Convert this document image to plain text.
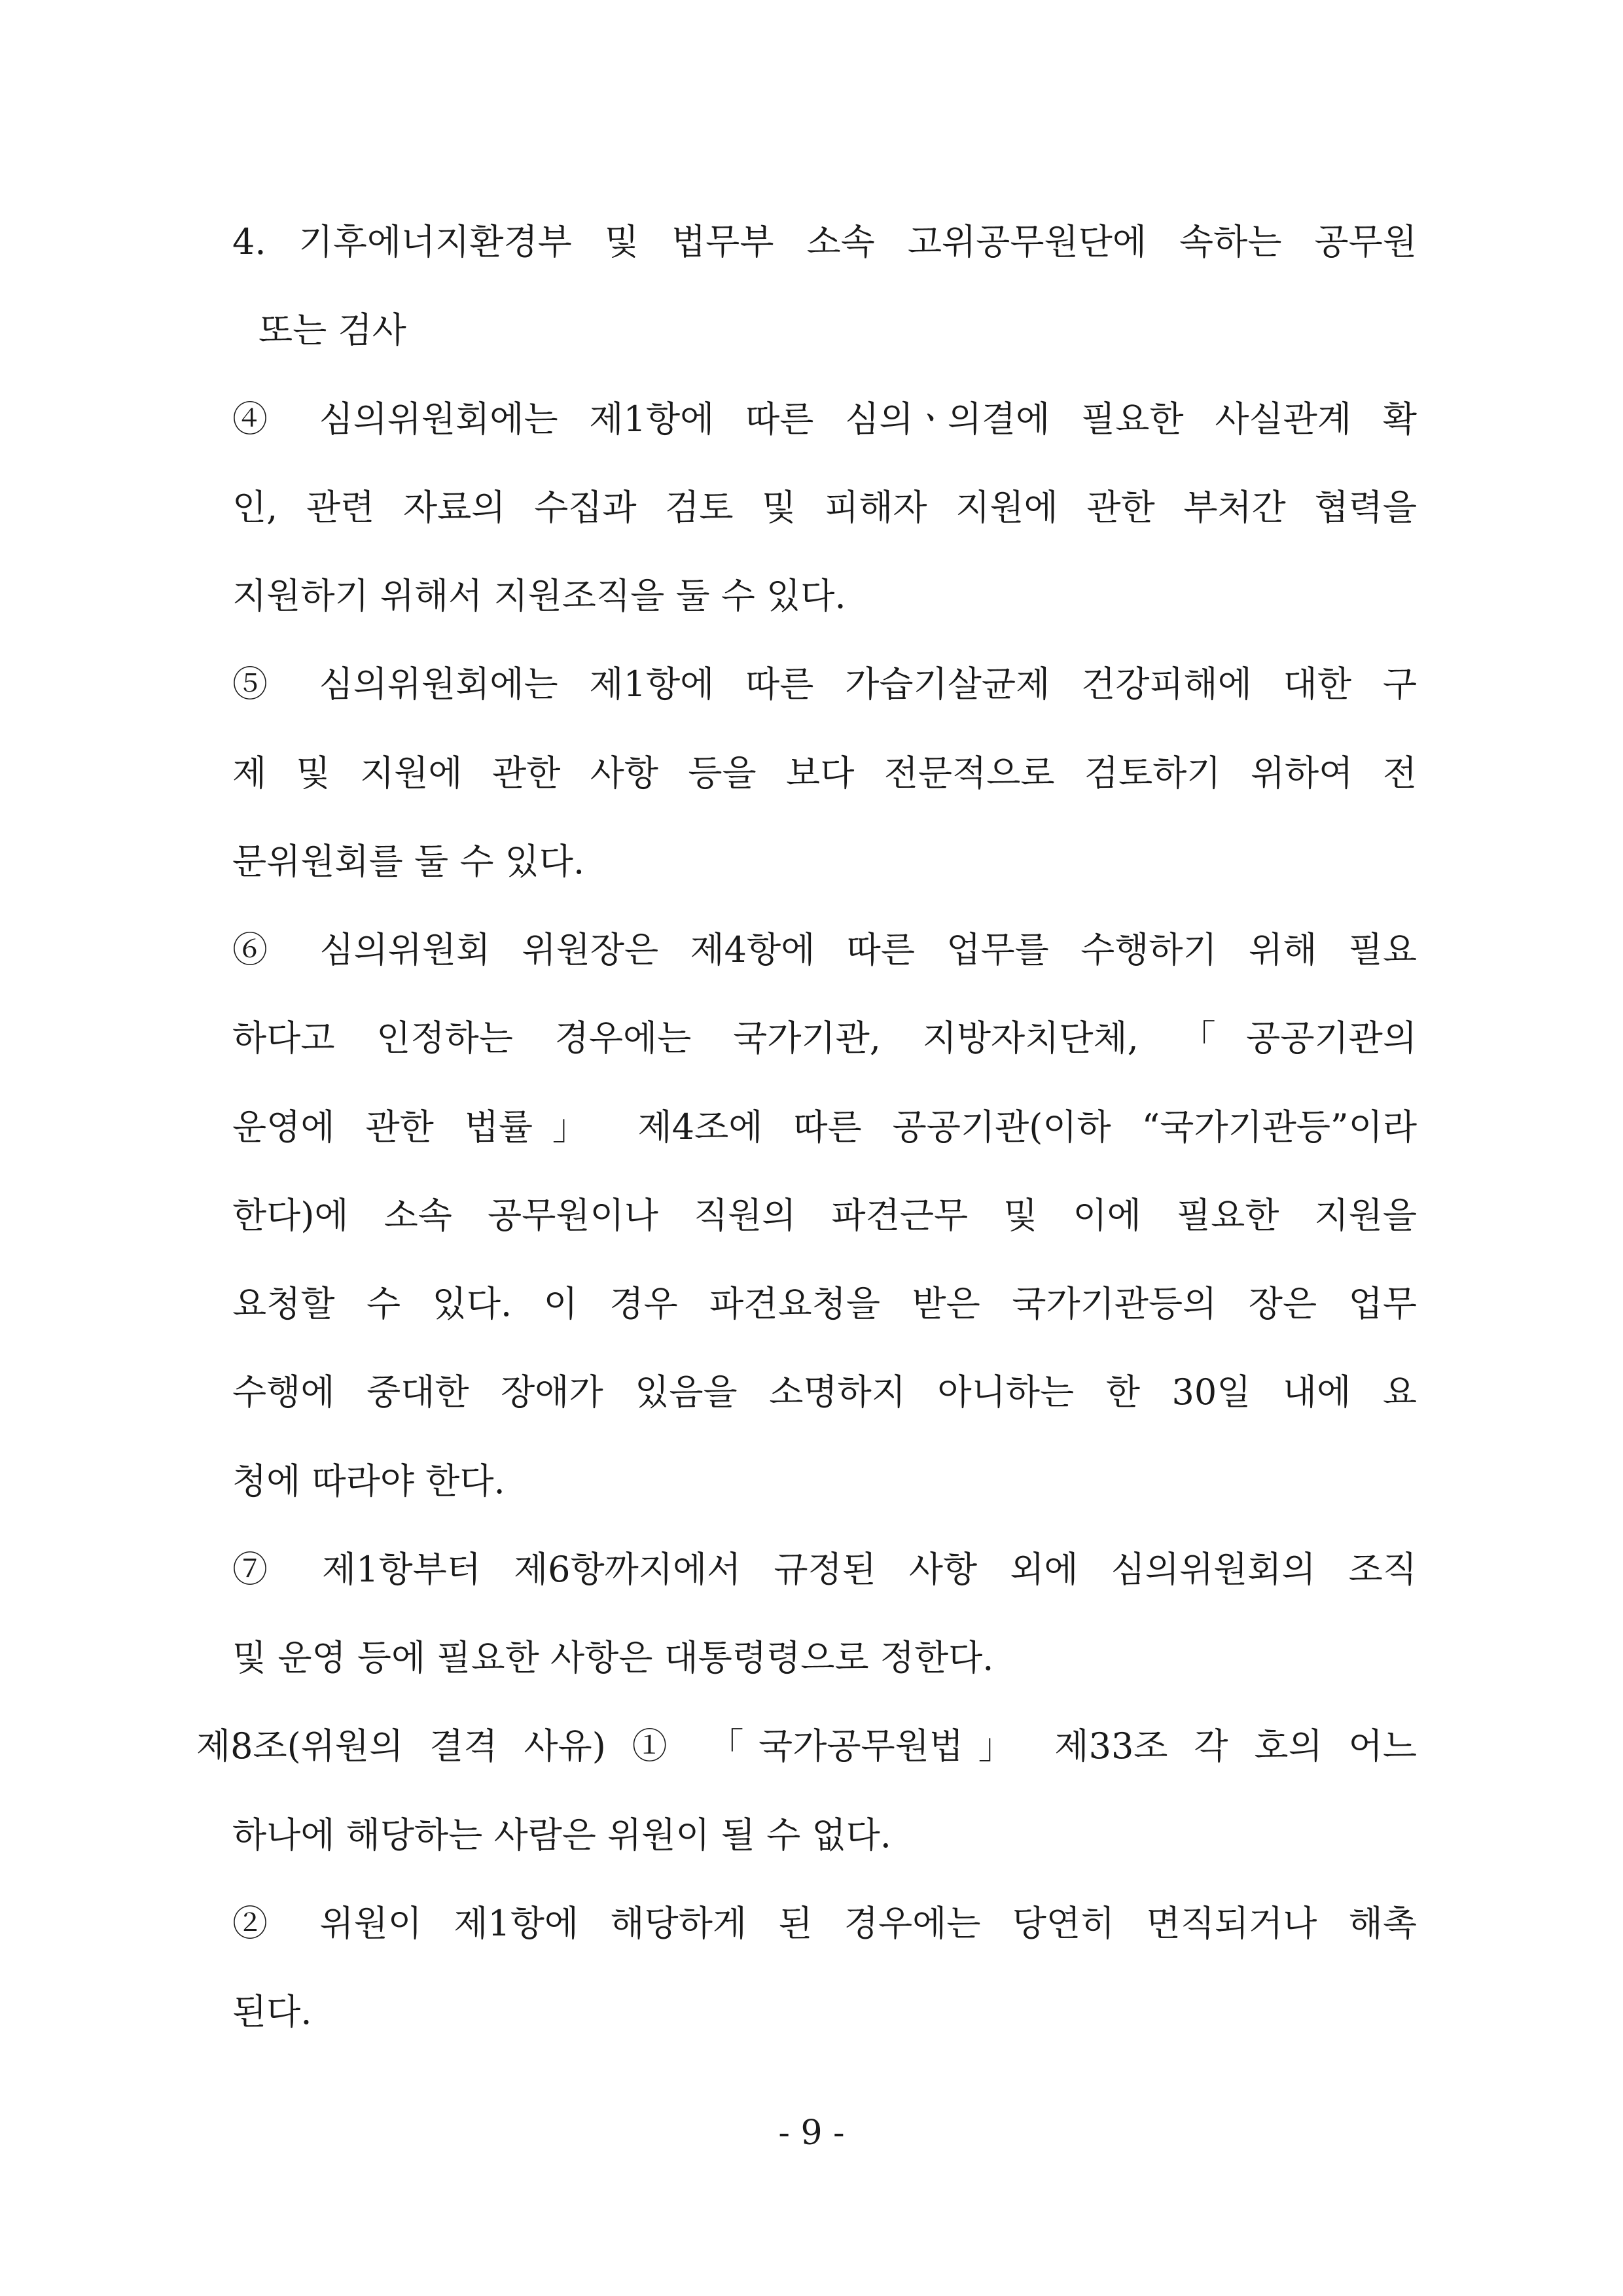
4. 기후에너지환경부 및 법무부 소속 고위공무원단에 속하는 공무원
또는 검사
④ 심의위원회에는 제1항에 따른 심의ㆍ의결에 필요한 사실관계 확
인, 관련 자료의 수집과 검토 및 피해자 지원에 관한 부처간 협력을
지원하기 위해서 지원조직을 둘 수 있다.
⑤ 심의위원회에는 제1항에 따른 가습기살균제 건강피해에 대한 구
제 및 지원에 관한 사항 등을 보다 전문적으로 검토하기 위하여 전
문위원회를 둘 수 있다.
⑥ 심의위원회 위원장은 제4항에 따른 업무를 수행하기 위해 필요
하다고 인정하는 경우에는 국가기관, 지방자치단체, 「공공기관의
운영에 관한 법률」 제4조에 따른 공공기관(이하 “국가기관등”이라
한다)에 소속 공무원이나 직원의 파견근무 및 이에 필요한 지원을
요청할 수 있다. 이 경우 파견요청을 받은 국가기관등의 장은 업무
수행에 중대한 장애가 있음을 소명하지 아니하는 한 30일 내에 요
청에 따라야 한다.
⑦ 제1항부터 제6항까지에서 규정된 사항 외에 심의위원회의 조직
및 운영 등에 필요한 사항은 대통령령으로 정한다.
제8조(위원의 결격 사유) ① 「국가공무원법」 제33조 각 호의 어느
하나에 해당하는 사람은 위원이 될 수 없다.
② 위원이 제1항에 해당하게 된 경우에는 당연히 면직되거나 해촉
된다.
- 9 -
